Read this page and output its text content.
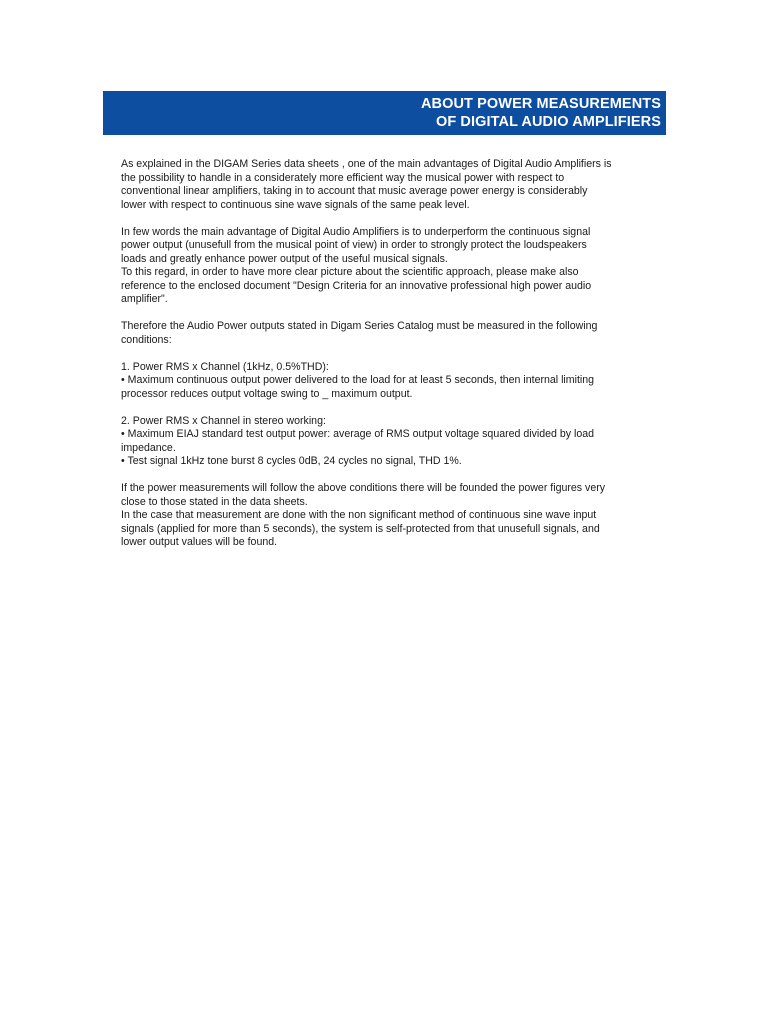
ABOUT POWER MEASUREMENTS
OF DIGITAL AUDIO AMPLIFIERS
As explained in the DIGAM Series data sheets , one of the main advantages of Digital Audio Amplifiers is
the possibility to handle in a considerately more efficient way the musical power with respect to
conventional linear amplifiers, taking in to account that music average power energy is considerably
lower with respect to continuous sine wave signals of the same peak level.
In few words the main advantage of Digital Audio Amplifiers is to underperform the continuous signal
power output (unusefull from the musical point of view) in order to strongly protect the loudspeakers
loads and greatly enhance power output of the useful musical signals.
To this regard, in order to have more clear picture about the scientific approach, please make also
reference to the enclosed document "Design Criteria for an innovative professional high power audio
amplifier".
Therefore the Audio Power outputs stated in Digam Series Catalog must be measured in the following
conditions:
1. Power RMS x Channel (1kHz, 0.5%THD):
• Maximum continuous output power delivered to the load for at least 5 seconds, then internal limiting
processor reduces output voltage swing to _ maximum output.
2. Power RMS x Channel in stereo working:
• Maximum EIAJ standard test output power: average of RMS output voltage squared divided by load
impedance.
• Test signal 1kHz tone burst 8 cycles 0dB, 24 cycles no signal, THD 1%.
If the power measurements will follow the above conditions there will be founded the power figures very
close to those stated in the data sheets.
In the case that measurement are done with the non significant method of continuous sine wave input
signals (applied for more than 5 seconds), the system is self-protected from that unusefull signals, and
lower output values will be found.
